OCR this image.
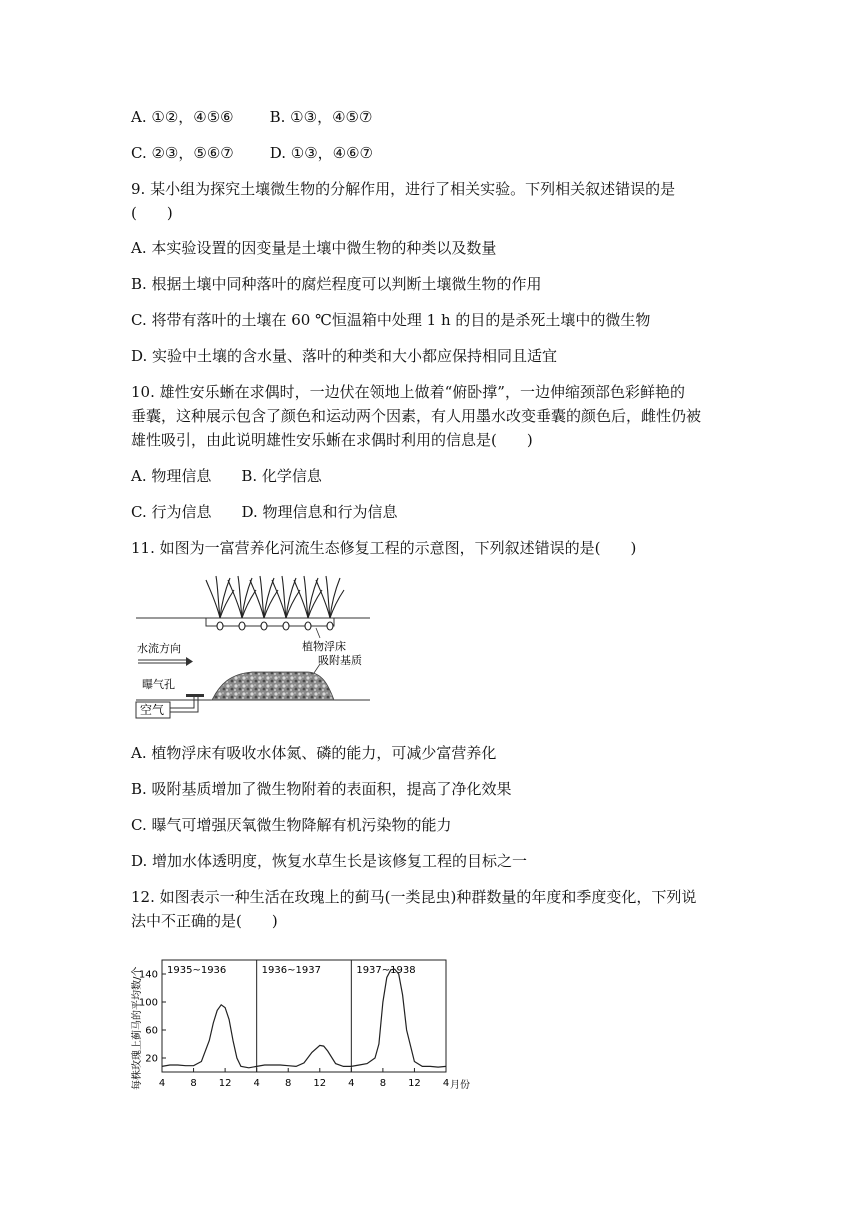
A. ①②，④⑤⑥ B. ①③，④⑤⑦
C. ②③，⑤⑥⑦ D. ①③，④⑥⑦
9. 某小组为探究土壤微生物的分解作用，进行了相关实验。下列相关叙述错误的是
(　　)
A. 本实验设置的因变量是土壤中微生物的种类以及数量
B. 根据土壤中同种落叶的腐烂程度可以判断土壤微生物的作用
C. 将带有落叶的土壤在 60 ℃恒温箱中处理 1 h 的目的是杀死土壤中的微生物
D. 实验中土壤的含水量、落叶的种类和大小都应保持相同且适宜
10. 雄性安乐蜥在求偶时，一边伏在领地上做着“俯卧撑”，一边伸缩颈部色彩鲜艳的
垂囊，这种展示包含了颜色和运动两个因素，有人用墨水改变垂囊的颜色后，雌性仍被
雄性吸引，由此说明雄性安乐蜥在求偶时利用的信息是(　　)
A. 物理信息 B. 化学信息
C. 行为信息 D. 物理信息和行为信息
11. 如图为一富营养化河流生态修复工程的示意图，下列叙述错误的是(　　)
水流方向	植物浮床
吸附基质
曝气孔
空气
A. 植物浮床有吸收水体氮、磷的能力，可减少富营养化
B. 吸附基质增加了微生物附着的表面积，提高了净化效果
C. 曝气可增强厌氧微生物降解有机污染物的能力
D. 增加水体透明度，恢复水草生长是该修复工程的目标之一
12. 如图表示一种生活在玫瑰上的蓟马(一类昆虫)种群数量的年度和季度变化，下列说
法中不正确的是(　　)
每株玫瑰上蓟马的平均数/个 20
60
100
140
4	8 12 4	8 12 4	8 12 4
1935~1936	1936~1937	1937~1938
月份
